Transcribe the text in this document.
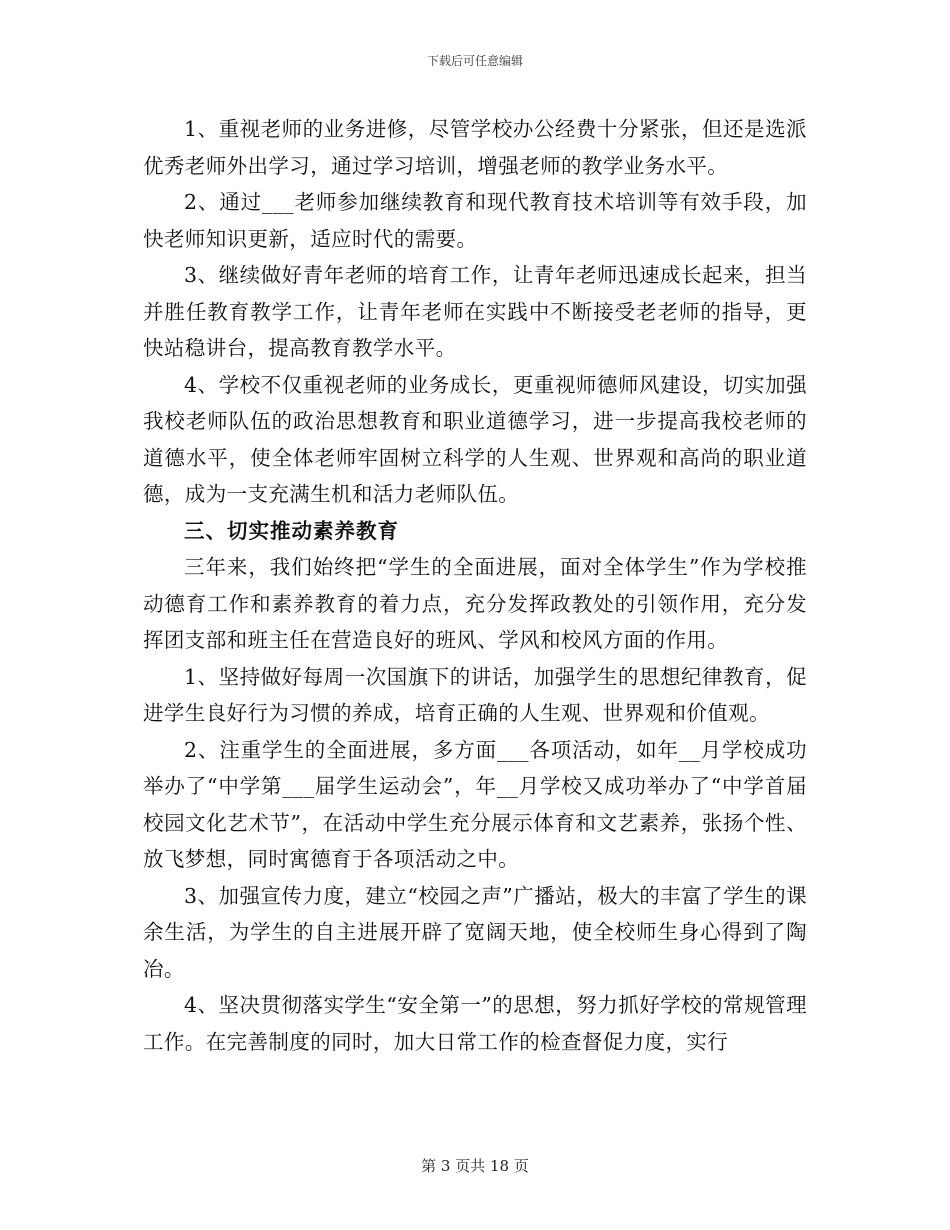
下载后可任意编辑

1、重视老师的业务进修，尽管学校办公经费十分紧张，但还是选派优秀老师外出学习，通过学习培训，增强老师的教学业务水平。

2、通过___老师参加继续教育和现代教育技术培训等有效手段，加快老师知识更新，适应时代的需要。

3、继续做好青年老师的培育工作，让青年老师迅速成长起来，担当并胜任教育教学工作，让青年老师在实践中不断接受老老师的指导，更快站稳讲台，提高教育教学水平。

4、学校不仅重视老师的业务成长，更重视师德师风建设，切实加强我校老师队伍的政治思想教育和职业道德学习，进一步提高我校老师的道德水平，使全体老师牢固树立科学的人生观、世界观和高尚的职业道德，成为一支充满生机和活力老师队伍。

三、切实推动素养教育

三年来，我们始终把“学生的全面进展，面对全体学生”作为学校推动德育工作和素养教育的着力点，充分发挥政教处的引领作用，充分发挥团支部和班主任在营造良好的班风、学风和校风方面的作用。

1、坚持做好每周一次国旗下的讲话，加强学生的思想纪律教育，促进学生良好行为习惯的养成，培育正确的人生观、世界观和价值观。

2、注重学生的全面进展，多方面___各项活动，如年__月学校成功举办了“中学第___届学生运动会”，年__月学校又成功举办了“中学首届校园文化艺术节”，在活动中学生充分展示体育和文艺素养，张扬个性、放飞梦想，同时寓德育于各项活动之中。

3、加强宣传力度，建立“校园之声”广播站，极大的丰富了学生的课余生活，为学生的自主进展开辟了宽阔天地，使全校师生身心得到了陶冶。

4、坚决贯彻落实学生“安全第一”的思想，努力抓好学校的常规管理工作。在完善制度的同时，加大日常工作的检查督促力度，实行

第 3 页共 18 页
